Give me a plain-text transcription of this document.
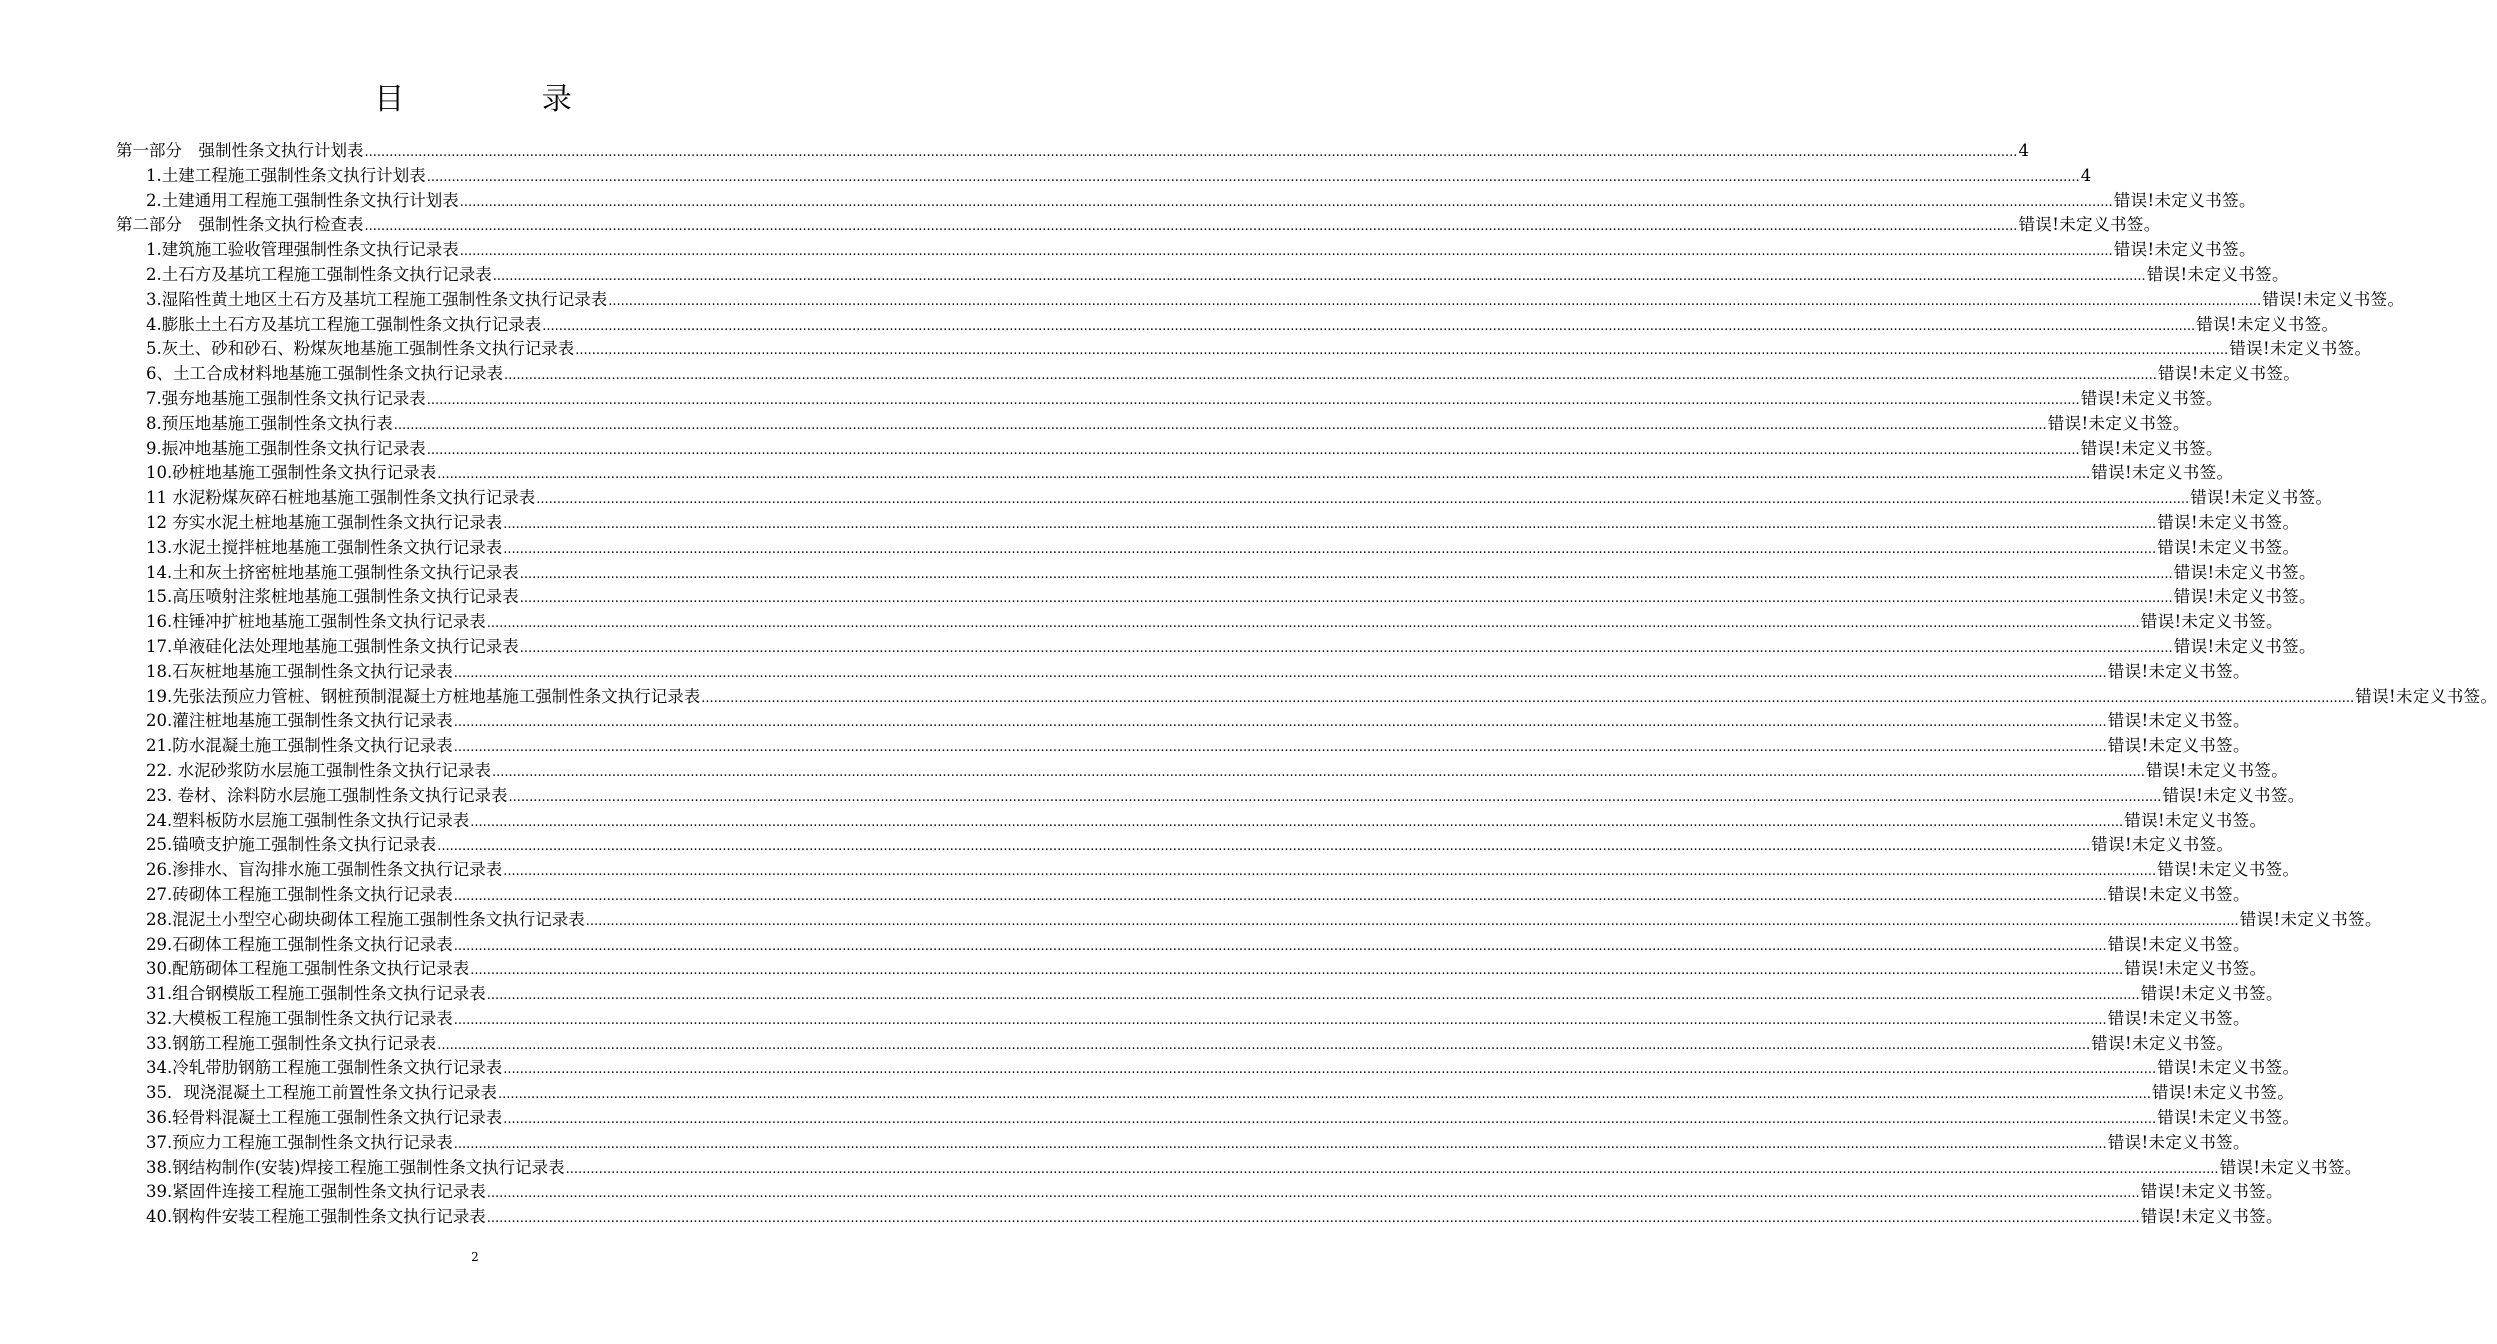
目 录
第一部分　强制性条文执行计划表 ................................................................................................................................................................................................................................................................................................................................................................................................................ 4
1.土建工程施工强制性条文执行计划表 ................................................................................................................................................................................................................................................................................................................................................................................................................ 4
2.土建通用工程施工强制性条文执行计划表 ................................................................................................................................................................................................................................................................................................................................................................................................................ 错误!未定义书签。
第二部分　强制性条文执行检查表 ................................................................................................................................................................................................................................................................................................................................................................................................................ 错误!未定义书签。
1.建筑施工验收管理强制性条文执行记录表 ................................................................................................................................................................................................................................................................................................................................................................................................................ 错误!未定义书签。
2.土石方及基坑工程施工强制性条文执行记录表 ................................................................................................................................................................................................................................................................................................................................................................................................................ 错误!未定义书签。
3.湿陷性黄土地区土石方及基坑工程施工强制性条文执行记录表 ................................................................................................................................................................................................................................................................................................................................................................................................................ 错误!未定义书签。
4.膨胀土土石方及基坑工程施工强制性条文执行记录表 ................................................................................................................................................................................................................................................................................................................................................................................................................ 错误!未定义书签。
5.灰土、砂和砂石、粉煤灰地基施工强制性条文执行记录表 ................................................................................................................................................................................................................................................................................................................................................................................................................ 错误!未定义书签。
6、土工合成材料地基施工强制性条文执行记录表 ................................................................................................................................................................................................................................................................................................................................................................................................................ 错误!未定义书签。
7.强夯地基施工强制性条文执行记录表 ................................................................................................................................................................................................................................................................................................................................................................................................................ 错误!未定义书签。
8.预压地基施工强制性条文执行表 ................................................................................................................................................................................................................................................................................................................................................................................................................ 错误!未定义书签。
9.振冲地基施工强制性条文执行记录表 ................................................................................................................................................................................................................................................................................................................................................................................................................ 错误!未定义书签。
10.砂桩地基施工强制性条文执行记录表 ................................................................................................................................................................................................................................................................................................................................................................................................................ 错误!未定义书签。
11 水泥粉煤灰碎石桩地基施工强制性条文执行记录表 ................................................................................................................................................................................................................................................................................................................................................................................................................ 错误!未定义书签。
12 夯实水泥土桩地基施工强制性条文执行记录表 ................................................................................................................................................................................................................................................................................................................................................................................................................ 错误!未定义书签。
13.水泥土搅拌桩地基施工强制性条文执行记录表 ................................................................................................................................................................................................................................................................................................................................................................................................................ 错误!未定义书签。
14.土和灰土挤密桩地基施工强制性条文执行记录表 ................................................................................................................................................................................................................................................................................................................................................................................................................ 错误!未定义书签。
15.高压喷射注浆桩地基施工强制性条文执行记录表 ................................................................................................................................................................................................................................................................................................................................................................................................................ 错误!未定义书签。
16.柱锤冲扩桩地基施工强制性条文执行记录表 ................................................................................................................................................................................................................................................................................................................................................................................................................ 错误!未定义书签。
17.单液硅化法处理地基施工强制性条文执行记录表 ................................................................................................................................................................................................................................................................................................................................................................................................................ 错误!未定义书签。
18.石灰桩地基施工强制性条文执行记录表 ................................................................................................................................................................................................................................................................................................................................................................................................................ 错误!未定义书签。
19.先张法预应力管桩、钢桩预制混凝土方桩地基施工强制性条文执行记录表 ................................................................................................................................................................................................................................................................................................................................................................................................................ 错误!未定义书签。
20.灌注桩地基施工强制性条文执行记录表 ................................................................................................................................................................................................................................................................................................................................................................................................................ 错误!未定义书签。
21.防水混凝土施工强制性条文执行记录表 ................................................................................................................................................................................................................................................................................................................................................................................................................ 错误!未定义书签。
22. 水泥砂浆防水层施工强制性条文执行记录表 ................................................................................................................................................................................................................................................................................................................................................................................................................ 错误!未定义书签。
23. 卷材、涂料防水层施工强制性条文执行记录表 ................................................................................................................................................................................................................................................................................................................................................................................................................ 错误!未定义书签。
24.塑料板防水层施工强制性条文执行记录表 ................................................................................................................................................................................................................................................................................................................................................................................................................ 错误!未定义书签。
25.锚喷支护施工强制性条文执行记录表 ................................................................................................................................................................................................................................................................................................................................................................................................................ 错误!未定义书签。
26.渗排水、盲沟排水施工强制性条文执行记录表 ................................................................................................................................................................................................................................................................................................................................................................................................................ 错误!未定义书签。
27.砖砌体工程施工强制性条文执行记录表 ................................................................................................................................................................................................................................................................................................................................................................................................................ 错误!未定义书签。
28.混泥土小型空心砌块砌体工程施工强制性条文执行记录表 ................................................................................................................................................................................................................................................................................................................................................................................................................ 错误!未定义书签。
29.石砌体工程施工强制性条文执行记录表 ................................................................................................................................................................................................................................................................................................................................................................................................................ 错误!未定义书签。
30.配筋砌体工程施工强制性条文执行记录表 ................................................................................................................................................................................................................................................................................................................................................................................................................ 错误!未定义书签。
31.组合钢模版工程施工强制性条文执行记录表 ................................................................................................................................................................................................................................................................................................................................................................................................................ 错误!未定义书签。
32.大模板工程施工强制性条文执行记录表 ................................................................................................................................................................................................................................................................................................................................................................................................................ 错误!未定义书签。
33.钢筋工程施工强制性条文执行记录表 ................................................................................................................................................................................................................................................................................................................................................................................................................ 错误!未定义书签。
34.冷轧带肋钢筋工程施工强制性条文执行记录表 ................................................................................................................................................................................................................................................................................................................................................................................................................ 错误!未定义书签。
35．现浇混凝土工程施工前置性条文执行记录表 ................................................................................................................................................................................................................................................................................................................................................................................................................ 错误!未定义书签。
36.轻骨料混凝土工程施工强制性条文执行记录表 ................................................................................................................................................................................................................................................................................................................................................................................................................ 错误!未定义书签。
37.预应力工程施工强制性条文执行记录表 ................................................................................................................................................................................................................................................................................................................................................................................................................ 错误!未定义书签。
38.钢结构制作(安装)焊接工程施工强制性条文执行记录表 ................................................................................................................................................................................................................................................................................................................................................................................................................ 错误!未定义书签。
39.紧固件连接工程施工强制性条文执行记录表 ................................................................................................................................................................................................................................................................................................................................................................................................................ 错误!未定义书签。
40.钢构件安装工程施工强制性条文执行记录表 ................................................................................................................................................................................................................................................................................................................................................................................................................ 错误!未定义书签。
2
